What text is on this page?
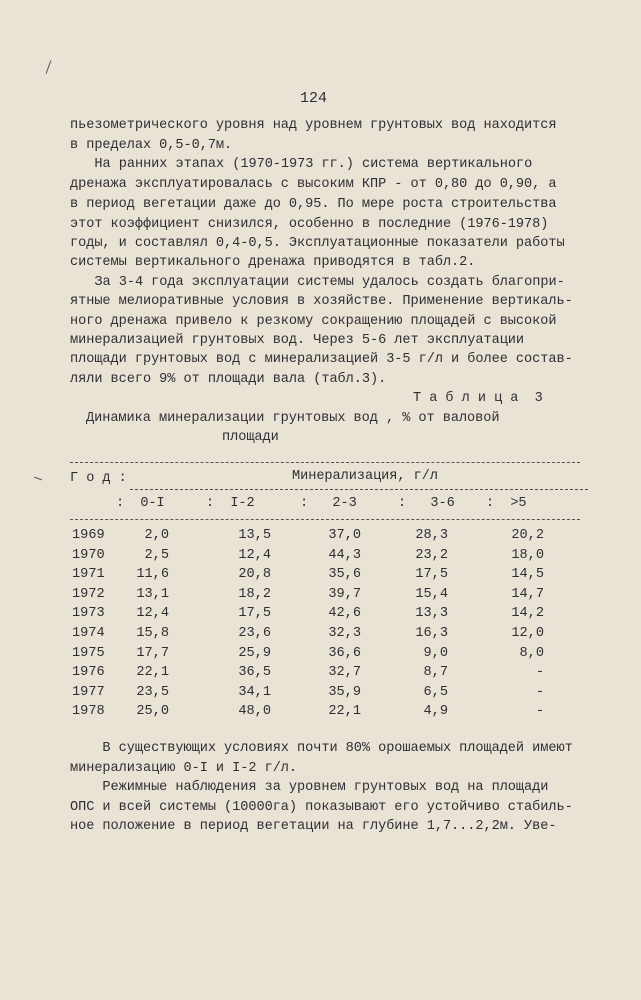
124
пьезометрического уровня над уровнем грунтовых вод находится
в пределах 0,5-0,7м.
На ранних этапах (1970-1973 гг.) система вертикального
дренажа эксплуатировалась с высоким КПР - от 0,80 до 0,90, а
в период вегетации даже до 0,95. По мере роста строительства
этот коэффициент снизился, особенно в последние (1976-1978)
годы, и составлял 0,4-0,5. Эксплуатационные показатели работы
системы вертикального дренажа приводятся в табл.2.
За 3-4 года эксплуатации системы удалось создать благопри-
ятные мелиоративные условия в хозяйстве. Применение вертикаль-
ного дренажа привело к резкому сокращению площадей с высокой
минерализацией грунтовых вод. Через 5-6 лет эксплуатации
площади грунтовых вод с минерализацией 3-5 г/л и более состав-
ляли всего 9% от площади вала (табл.3).
Т а б л и ц а  3
Динамика минерализации грунтовых вод , % от валовой
площади
Г о д :	Минерализация, г/л
:  0-I	:  I-2	:   2-3	:   3-6 :  >5
1969	2,0	13,5	37,0	28,3	20,2
1970	2,5	12,4	44,3	23,2	18,0
1971 11,6	20,8	35,6	17,5	14,5
1972 13,1	18,2	39,7	15,4	14,7
1973 12,4	17,5	42,6	13,3	14,2
1974 15,8	23,6	32,3	16,3	12,0
1975 17,7	25,9	36,6	9,0	8,0
1976 22,1	36,5	32,7	8,7	-
1977 23,5	34,1	35,9	6,5	-
1978 25,0	48,0	22,1	4,9	-
В существующих условиях почти 80% орошаемых площадей имеют
минерализацию 0-I и I-2 г/л.
Режимные наблюдения за уровнем грунтовых вод на площади
ОПС и всей системы (10000га) показывают его устойчиво стабиль-
ное положение в период вегетации на глубине 1,7...2,2м. Уве-
